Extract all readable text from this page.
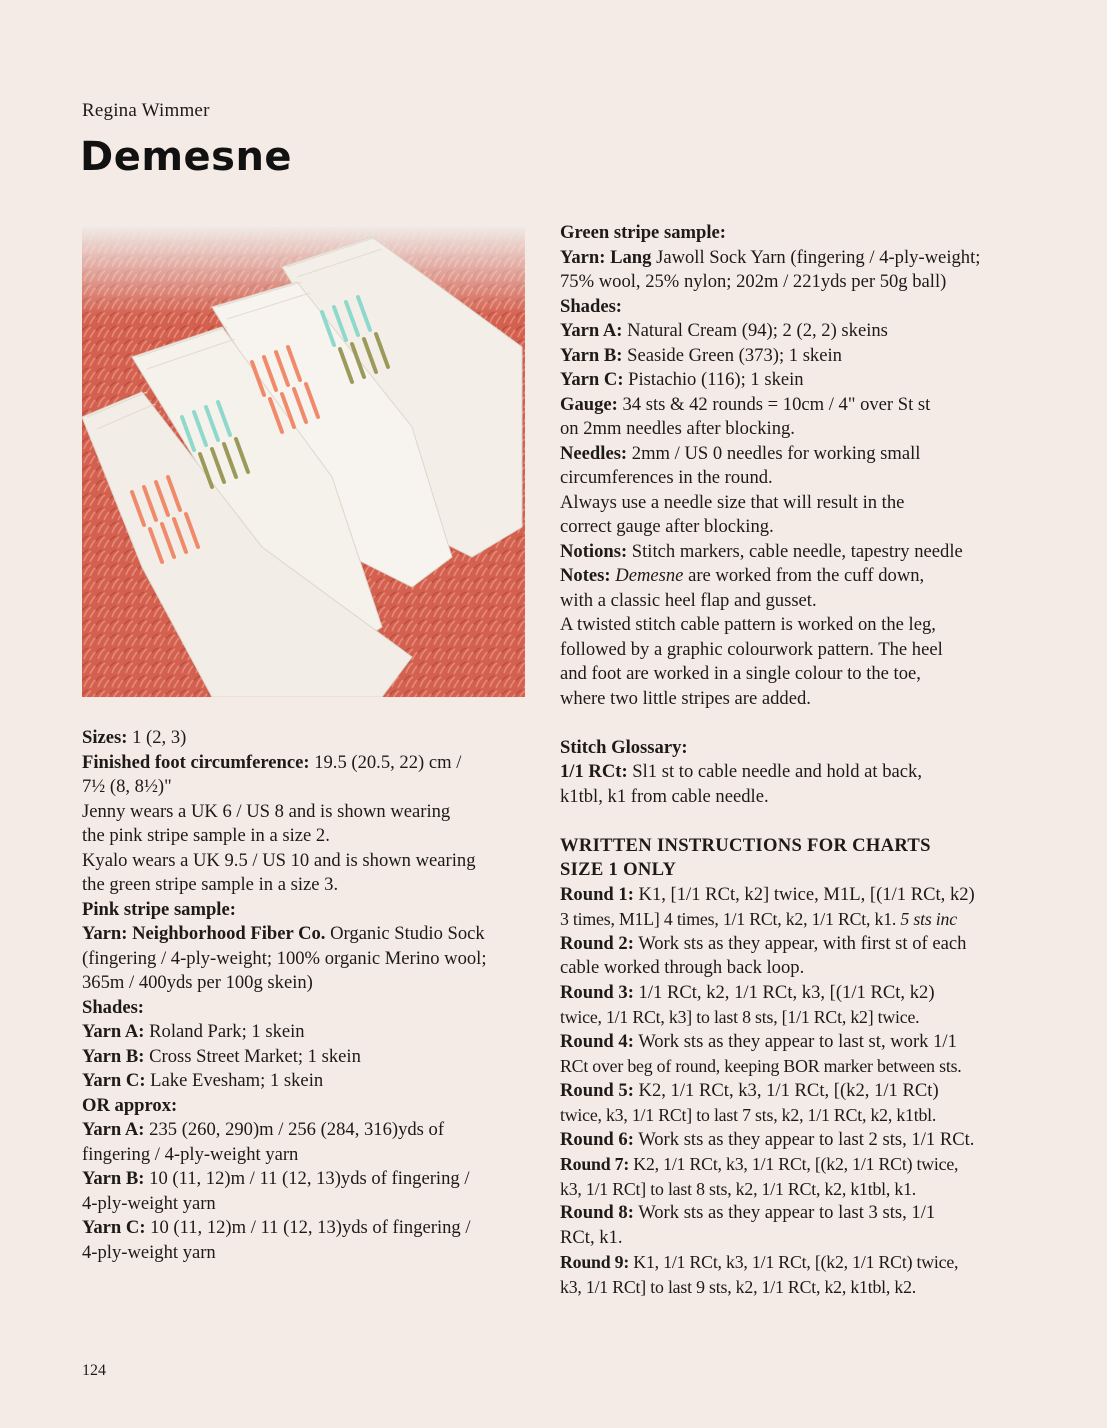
Regina Wimmer
Demesne
Sizes: 1 (2, 3)
Finished foot circumference: 19.5 (20.5, 22) cm /
7½ (8, 8½)"
Jenny wears a UK 6 / US 8 and is shown wearing
the pink stripe sample in a size 2.
Kyalo wears a UK 9.5 / US 10 and is shown wearing
the green stripe sample in a size 3.
Pink stripe sample:
Yarn: Neighborhood Fiber Co. Organic Studio Sock
(fingering / 4-ply-weight; 100% organic Merino wool;
365m / 400yds per 100g skein)
Shades:
Yarn A: Roland Park; 1 skein
Yarn B: Cross Street Market; 1 skein
Yarn C: Lake Evesham; 1 skein
OR approx:
Yarn A: 235 (260, 290)m / 256 (284, 316)yds of
fingering / 4-ply-weight yarn
Yarn B: 10 (11, 12)m / 11 (12, 13)yds of fingering /
4-ply-weight yarn
Yarn C: 10 (11, 12)m / 11 (12, 13)yds of fingering /
4-ply-weight yarn
Green stripe sample:
Yarn: Lang Jawoll Sock Yarn (fingering / 4-ply-weight;
75% wool, 25% nylon; 202m / 221yds per 50g ball)
Shades:
Yarn A: Natural Cream (94); 2 (2, 2) skeins
Yarn B: Seaside Green (373); 1 skein
Yarn C: Pistachio (116); 1 skein
Gauge: 34 sts & 42 rounds = 10cm / 4" over St st
on 2mm needles after blocking.
Needles: 2mm / US 0 needles for working small
circumferences in the round.
Always use a needle size that will result in the
correct gauge after blocking.
Notions: Stitch markers, cable needle, tapestry needle
Notes: Demesne are worked from the cuff down,
with a classic heel flap and gusset.
A twisted stitch cable pattern is worked on the leg,
followed by a graphic colourwork pattern. The heel
and foot are worked in a single colour to the toe,
where two little stripes are added.
Stitch Glossary:
1/1 RCt: Sl1 st to cable needle and hold at back,
k1tbl, k1 from cable needle.
WRITTEN INSTRUCTIONS FOR CHARTS
SIZE 1 ONLY
Round 1: K1, [1/1 RCt, k2] twice, M1L, [(1/1 RCt, k2)
3 times, M1L] 4 times, 1/1 RCt, k2, 1/1 RCt, k1. 5 sts inc
Round 2: Work sts as they appear, with first st of each
cable worked through back loop.
Round 3: 1/1 RCt, k2, 1/1 RCt, k3, [(1/1 RCt, k2)
twice, 1/1 RCt, k3] to last 8 sts, [1/1 RCt, k2] twice.
Round 4: Work sts as they appear to last st, work 1/1
RCt over beg of round, keeping BOR marker between sts.
Round 5: K2, 1/1 RCt, k3, 1/1 RCt, [(k2, 1/1 RCt)
twice, k3, 1/1 RCt] to last 7 sts, k2, 1/1 RCt, k2, k1tbl.
Round 6: Work sts as they appear to last 2 sts, 1/1 RCt.
Round 7: K2, 1/1 RCt, k3, 1/1 RCt, [(k2, 1/1 RCt) twice,
k3, 1/1 RCt] to last 8 sts, k2, 1/1 RCt, k2, k1tbl, k1.
Round 8: Work sts as they appear to last 3 sts, 1/1
RCt, k1.
Round 9: K1, 1/1 RCt, k3, 1/1 RCt, [(k2, 1/1 RCt) twice,
k3, 1/1 RCt] to last 9 sts, k2, 1/1 RCt, k2, k1tbl, k2.
124
